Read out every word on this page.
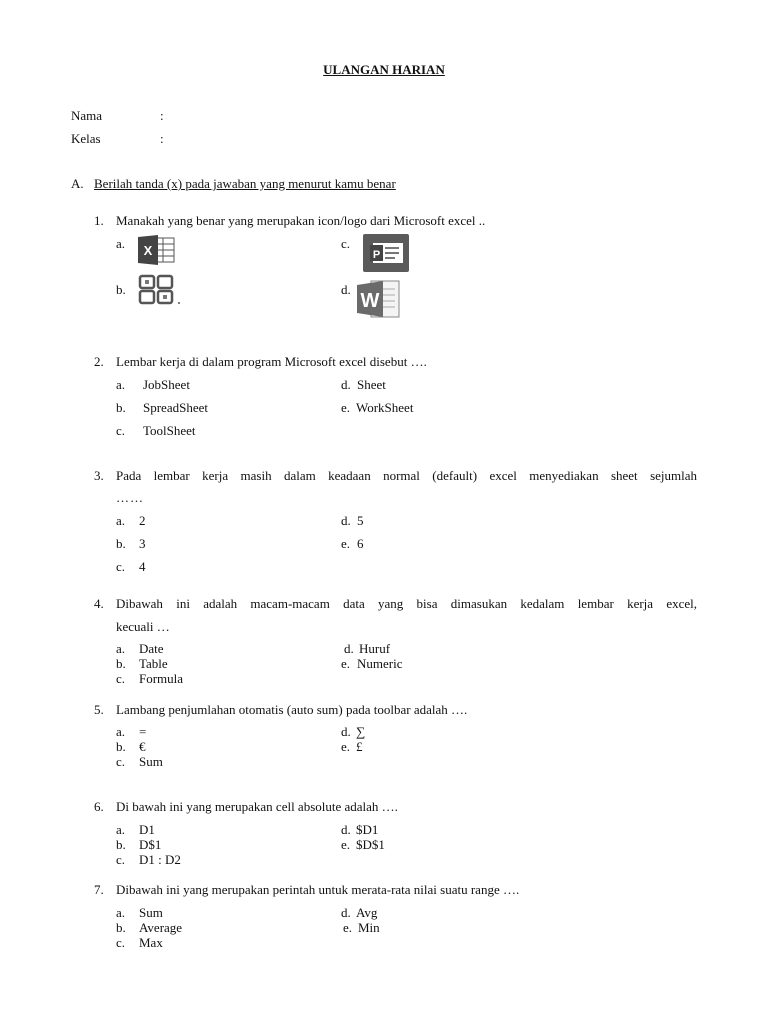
ULANGAN HARIAN
Nama	:
Kelas	:
A. Berilah tanda (x) pada jawaban yang menurut kamu benar
1. Manakah yang benar yang merupakan icon/logo dari Microsoft excel ..
a.
b.
c.
d.
X	P
W
2. Lembar kerja di dalam program Microsoft excel disebut ….
a. JobSheet
b. SpreadSheet
c. ToolSheet
d. Sheet
e. WorkSheet
3. Pada lembar kerja masih dalam keadaan normal (default) excel menyediakan sheet sejumlah
……
a. 2
b. 3
c. 4
d. 5
e. 6
4. Dibawah ini adalah macam-macam data yang bisa dimasukan kedalam lembar kerja excel,
kecuali …
a. Date
b. Table
c. Formula
d. Huruf
e. Numeric
5. Lambang penjumlahan otomatis (auto sum) pada toolbar adalah ….
a. =
b. €
c. Sum
d. ∑
e. £
6. Di bawah ini yang merupakan cell absolute adalah ….
a. D1
b. D$1
c. D1 : D2
d. $D1
e. $D$1
7. Dibawah ini yang merupakan perintah untuk merata-rata nilai suatu range ….
a. Sum
b. Average
c. Max
d. Avg
e. Min
